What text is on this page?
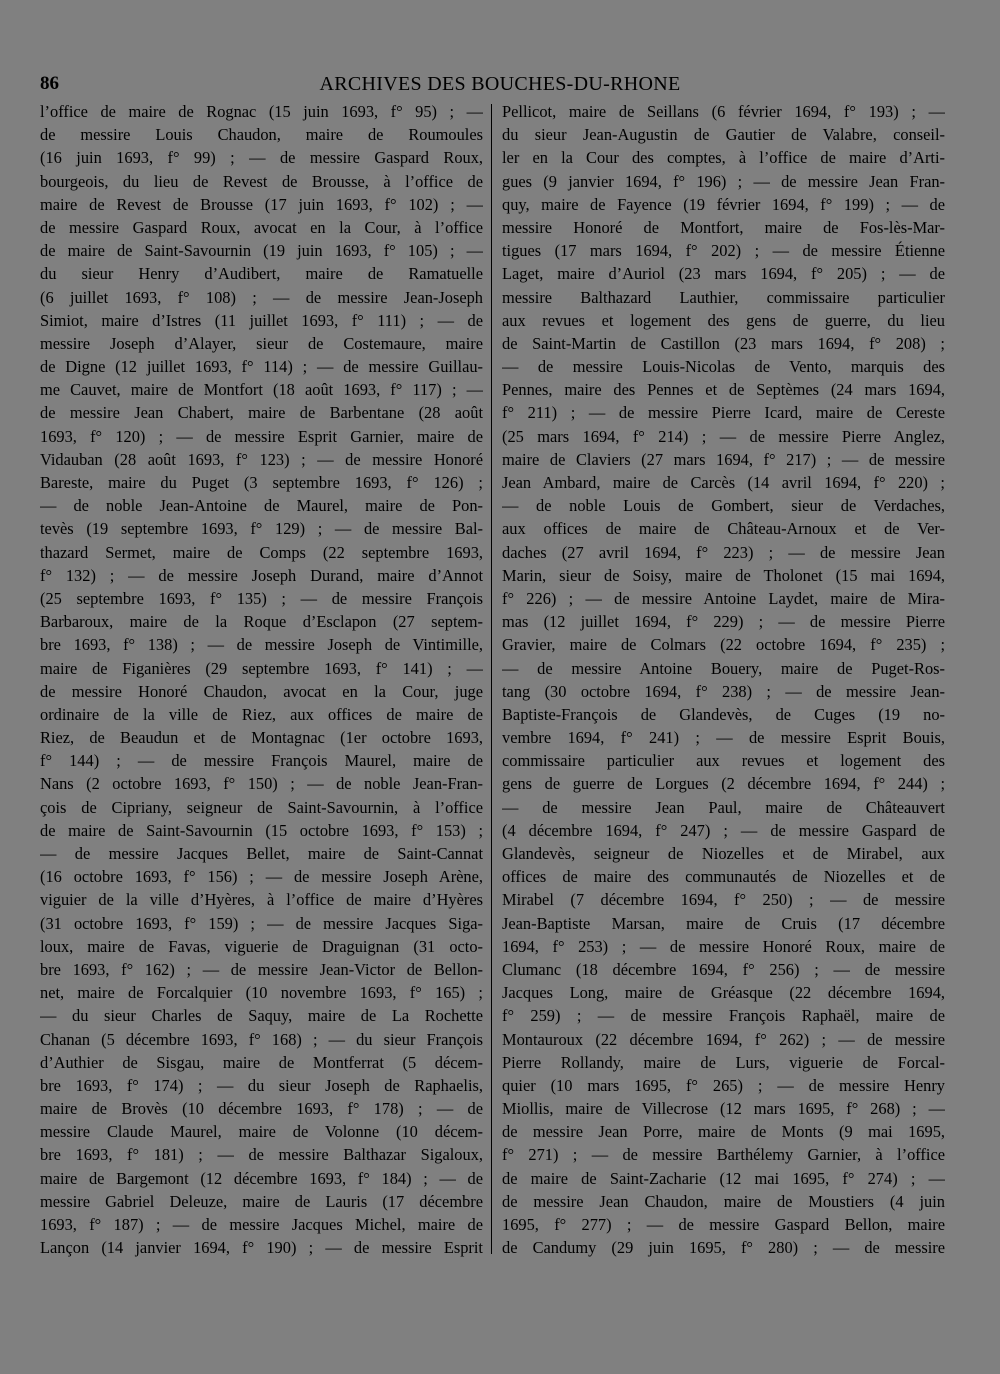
86	ARCHIVES DES BOUCHES-DU-RHONE
l’office de maire de Rognac (15 juin 1693, f° 95) ; —
de messire Louis Chaudon, maire de Roumoules
(16 juin 1693, f° 99) ; — de messire Gaspard Roux,
bourgeois, du lieu de Revest de Brousse, à l’office de
maire de Revest de Brousse (17 juin 1693, f° 102) ; —
de messire Gaspard Roux, avocat en la Cour, à l’office
de maire de Saint-Savournin (19 juin 1693, f° 105) ; —
du sieur Henry d’Audibert, maire de Ramatuelle
(6 juillet 1693, f° 108) ; — de messire Jean-Joseph
Simiot, maire d’Istres (11 juillet 1693, f° 111) ; — de
messire Joseph d’Alayer, sieur de Costemaure, maire
de Digne (12 juillet 1693, f° 114) ; — de messire Guillau-
me Cauvet, maire de Montfort (18 août 1693, f° 117) ; —
de messire Jean Chabert, maire de Barbentane (28 août
1693, f° 120) ; — de messire Esprit Garnier, maire de
Vidauban (28 août 1693, f° 123) ; — de messire Honoré
Bareste, maire du Puget (3 septembre 1693, f° 126) ;
— de noble Jean-Antoine de Maurel, maire de Pon-
tevès (19 septembre 1693, f° 129) ; — de messire Bal-
thazard Sermet, maire de Comps (22 septembre 1693,
f° 132) ; — de messire Joseph Durand, maire d’Annot
(25 septembre 1693, f° 135) ; — de messire François
Barbaroux, maire de la Roque d’Esclapon (27 septem-
bre 1693, f° 138) ; — de messire Joseph de Vintimille,
maire de Figanières (29 septembre 1693, f° 141) ; —
de messire Honoré Chaudon, avocat en la Cour, juge
ordinaire de la ville de Riez, aux offices de maire de
Riez, de Beaudun et de Montagnac (1er octobre 1693,
f° 144) ; — de messire François Maurel, maire de
Nans (2 octobre 1693, f° 150) ; — de noble Jean-Fran-
çois de Cipriany, seigneur de Saint-Savournin, à l’office
de maire de Saint-Savournin (15 octobre 1693, f° 153) ;
— de messire Jacques Bellet, maire de Saint-Cannat
(16 octobre 1693, f° 156) ; — de messire Joseph Arène,
viguier de la ville d’Hyères, à l’office de maire d’Hyères
(31 octobre 1693, f° 159) ; — de messire Jacques Siga-
loux, maire de Favas, viguerie de Draguignan (31 octo-
bre 1693, f° 162) ; — de messire Jean-Victor de Bellon-
net, maire de Forcalquier (10 novembre 1693, f° 165) ;
— du sieur Charles de Saquy, maire de La Rochette
Chanan (5 décembre 1693, f° 168) ; — du sieur François
d’Authier de Sisgau, maire de Montferrat (5 décem-
bre 1693, f° 174) ; — du sieur Joseph de Raphaelis,
maire de Brovès (10 décembre 1693, f° 178) ; — de
messire Claude Maurel, maire de Volonne (10 décem-
bre 1693, f° 181) ; — de messire Balthazar Sigaloux,
maire de Bargemont (12 décembre 1693, f° 184) ; — de
messire Gabriel Deleuze, maire de Lauris (17 décembre
1693, f° 187) ; — de messire Jacques Michel, maire de
Lançon (14 janvier 1694, f° 190) ; — de messire Esprit
Pellicot, maire de Seillans (6 février 1694, f° 193) ; —
du sieur Jean-Augustin de Gautier de Valabre, conseil-
ler en la Cour des comptes, à l’office de maire d’Arti-
gues (9 janvier 1694, f° 196) ; — de messire Jean Fran-
quy, maire de Fayence (19 février 1694, f° 199) ; — de
messire Honoré de Montfort, maire de Fos-lès-Mar-
tigues (17 mars 1694, f° 202) ; — de messire Étienne
Laget, maire d’Auriol (23 mars 1694, f° 205) ; — de
messire Balthazard Lauthier, commissaire particulier
aux revues et logement des gens de guerre, du lieu
de Saint-Martin de Castillon (23 mars 1694, f° 208) ;
— de messire Louis-Nicolas de Vento, marquis des
Pennes, maire des Pennes et de Septèmes (24 mars 1694,
f° 211) ; — de messire Pierre Icard, maire de Cereste
(25 mars 1694, f° 214) ; — de messire Pierre Anglez,
maire de Claviers (27 mars 1694, f° 217) ; — de messire
Jean Ambard, maire de Carcès (14 avril 1694, f° 220) ;
— de noble Louis de Gombert, sieur de Verdaches,
aux offices de maire de Château-Arnoux et de Ver-
daches (27 avril 1694, f° 223) ; — de messire Jean
Marin, sieur de Soisy, maire de Tholonet (15 mai 1694,
f° 226) ; — de messire Antoine Laydet, maire de Mira-
mas (12 juillet 1694, f° 229) ; — de messire Pierre
Gravier, maire de Colmars (22 octobre 1694, f° 235) ;
— de messire Antoine Bouery, maire de Puget-Ros-
tang (30 octobre 1694, f° 238) ; — de messire Jean-
Baptiste-François de Glandevès, de Cuges (19 no-
vembre 1694, f° 241) ; — de messire Esprit Bouis,
commissaire particulier aux revues et logement des
gens de guerre de Lorgues (2 décembre 1694, f° 244) ;
— de messire Jean Paul, maire de Châteauvert
(4 décembre 1694, f° 247) ; — de messire Gaspard de
Glandevès, seigneur de Niozelles et de Mirabel, aux
offices de maire des communautés de Niozelles et de
Mirabel (7 décembre 1694, f° 250) ; — de messire
Jean-Baptiste Marsan, maire de Cruis (17 décembre
1694, f° 253) ; — de messire Honoré Roux, maire de
Clumanc (18 décembre 1694, f° 256) ; — de messire
Jacques Long, maire de Gréasque (22 décembre 1694,
f° 259) ; — de messire François Raphaël, maire de
Montauroux (22 décembre 1694, f° 262) ; — de messire
Pierre Rollandy, maire de Lurs, viguerie de Forcal-
quier (10 mars 1695, f° 265) ; — de messire Henry
Miollis, maire de Villecrose (12 mars 1695, f° 268) ; —
de messire Jean Porre, maire de Monts (9 mai 1695,
f° 271) ; — de messire Barthélemy Garnier, à l’office
de maire de Saint-Zacharie (12 mai 1695, f° 274) ; —
de messire Jean Chaudon, maire de Moustiers (4 juin
1695, f° 277) ; — de messire Gaspard Bellon, maire
de Candumy (29 juin 1695, f° 280) ; — de messire
